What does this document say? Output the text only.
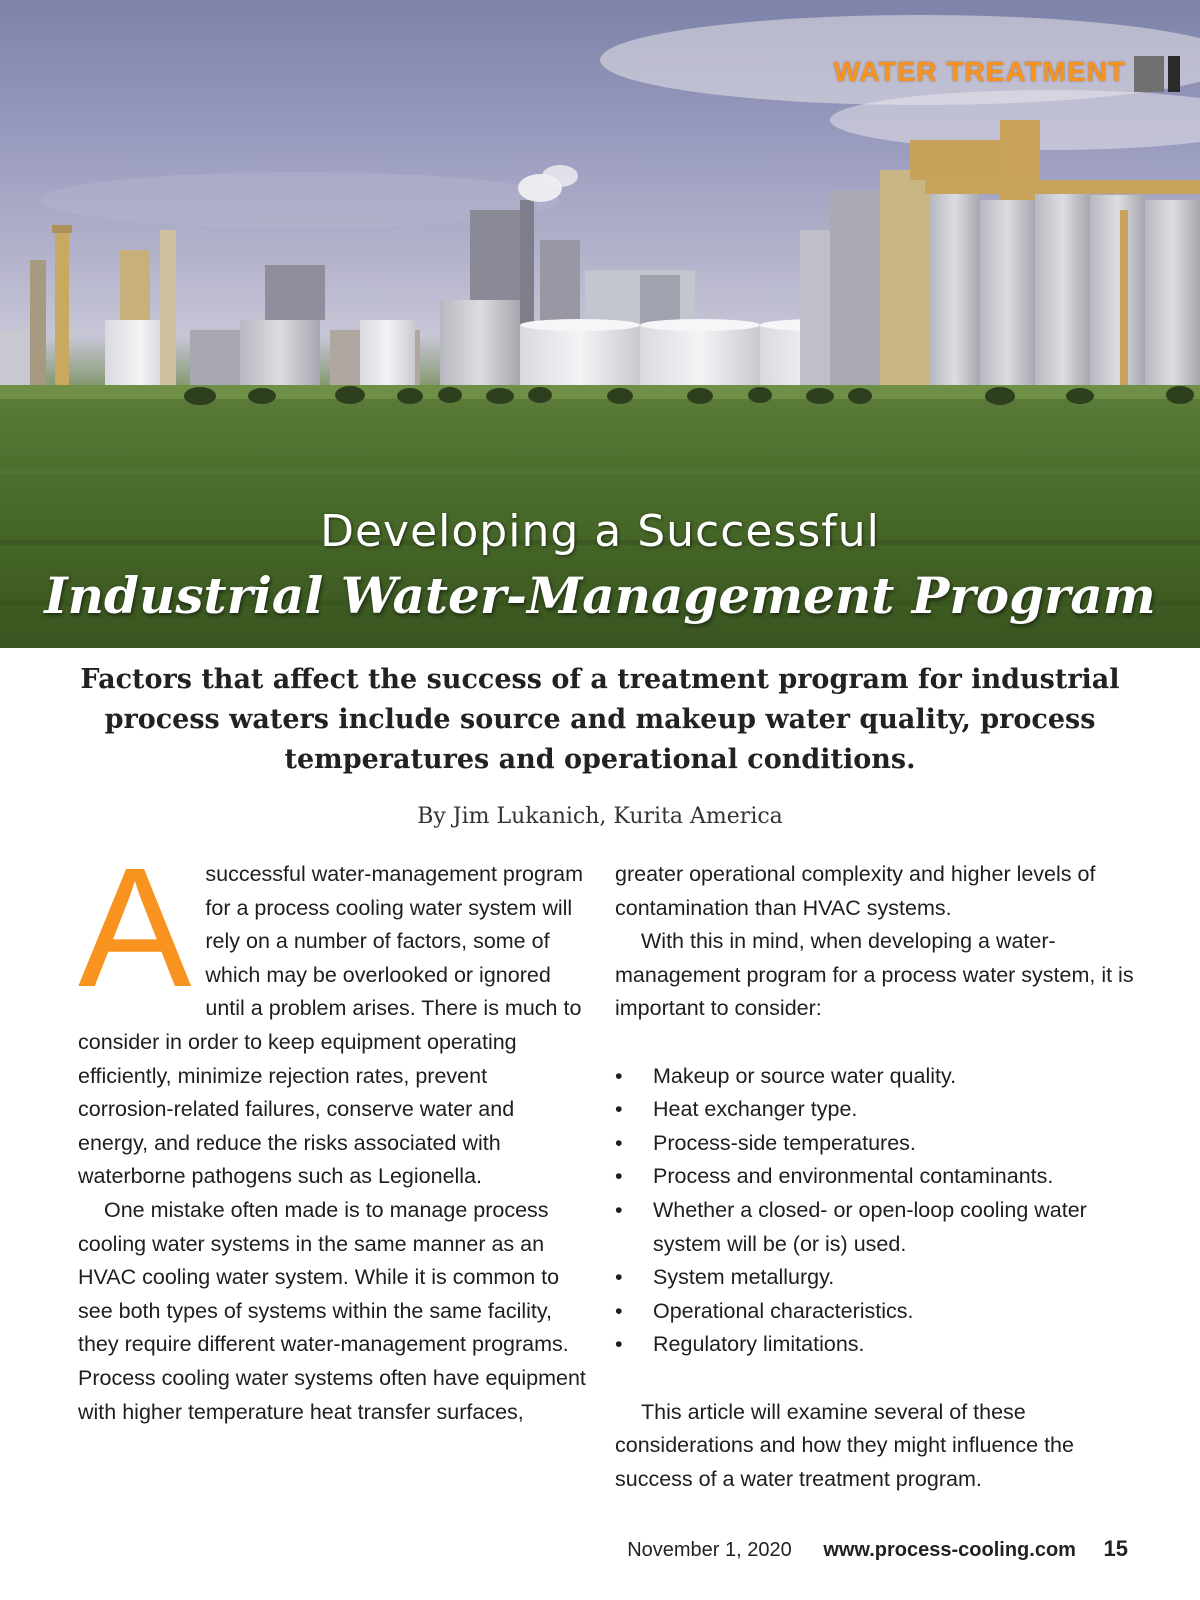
WATER TREATMENT
Developing a Successful
Industrial Water-Management Program
Factors that affect the success of a treatment program for industrial process waters include source and makeup water quality, process temperatures and operational conditions.
By Jim Lukanich, Kurita America
A successful water-management program for a process cooling water system will rely on a number of factors, some of which may be overlooked or ignored until a problem arises. There is much to consider in order to keep equipment operating efficiently, minimize rejection rates, prevent corrosion-related failures, conserve water and energy, and reduce the risks associated with waterborne pathogens such as Legionella.

One mistake often made is to manage process cooling water systems in the same manner as an HVAC cooling water system. While it is common to see both types of systems within the same facility, they require different water-management programs. Process cooling water systems often have equipment with higher temperature heat transfer surfaces,

greater operational complexity and higher levels of contamination than HVAC systems.

With this in mind, when developing a water-management program for a process water system, it is important to consider:

• Makeup or source water quality.
• Heat exchanger type.
• Process-side temperatures.
• Process and environmental contaminants.
• Whether a closed- or open-loop cooling water system will be (or is) used.
• System metallurgy.
• Operational characteristics.
• Regulatory limitations.

This article will examine several of these considerations and how they might influence the success of a water treatment program.

November 1, 2020 www.process-cooling.com 15
